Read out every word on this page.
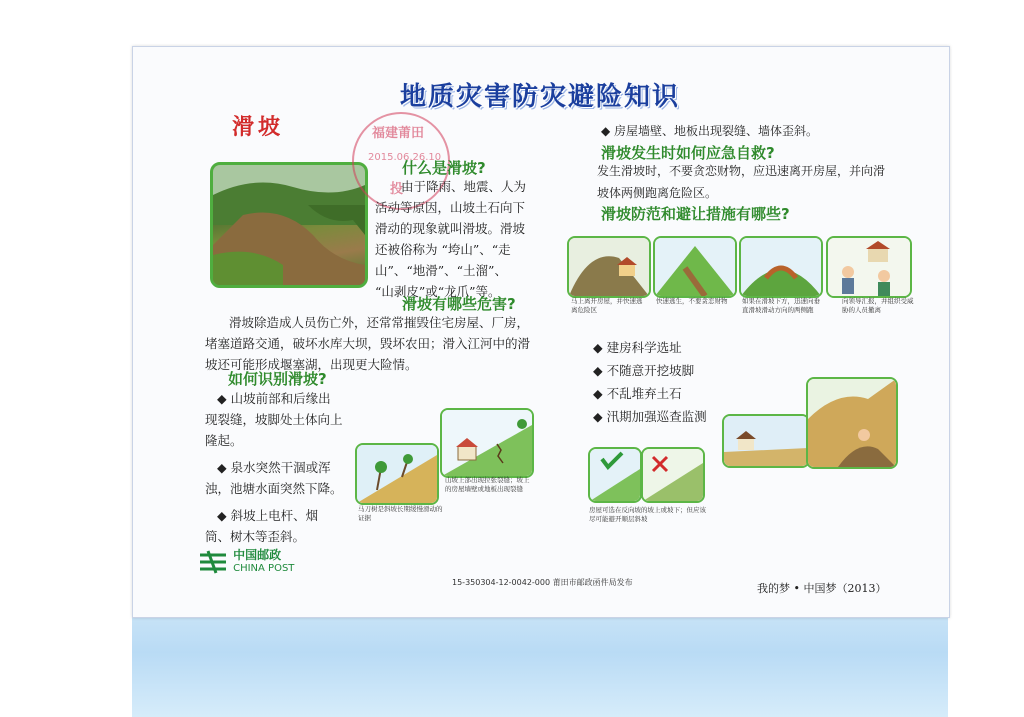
地质灾害防灾避险知识
滑坡	福建莆田
2015.06.26.10
投
什么是滑坡?
由于降雨、地震、人为
活动等原因，山坡土石向下
滑动的现象就叫滑坡。滑坡
还被俗称为 “垮山”、“走
山”、“地滑”、“土溜”、
“山剥皮”或“龙爪”等。
滑坡有哪些危害?
滑坡除造成人员伤亡外，还常常摧毁住宅房屋、厂房，
堵塞道路交通，破坏水库大坝，毁坏农田；滑入江河中的滑
坡还可能形成堰塞湖，出现更大险情。
如何识别滑坡?
◆ 山坡前部和后缘出
现裂缝，坡脚处土体向上
隆起。
◆ 泉水突然干涸或浑
浊，池塘水面突然下降。
◆ 斜坡上电杆、烟
筒、树木等歪斜。
马刀树是斜坡长期缓慢滑动的证据
山坡上部出现拉张裂缝；坡上的房屋墙壁或地板出现裂缝
◆ 房屋墙壁、地板出现裂缝、墙体歪斜。
滑坡发生时如何应急自救?
发生滑坡时，不要贪恋财物，应迅速离开房屋，并向滑
坡体两侧跑离危险区。
滑坡防范和避让措施有哪些?
马上离开房屋，并快速逃离危险区
快速逃生，不要贪恋财物	如果在滑坡下方，迅速向垂直滑坡滑动方向的两侧跑
向领导汇报，并组织受威胁的人员撤离
◆ 建房科学选址
◆ 不随意开挖坡脚
◆ 不乱堆弃土石
◆ 汛期加强巡查监测
房屋可选在反向坡的坡上或坡下；但应该尽可能避开顺层斜坡

中国邮政
CHINA POST
15-350304-12-0042-000 莆田市邮政函件局发布	我的梦 • 中国梦（2013）
